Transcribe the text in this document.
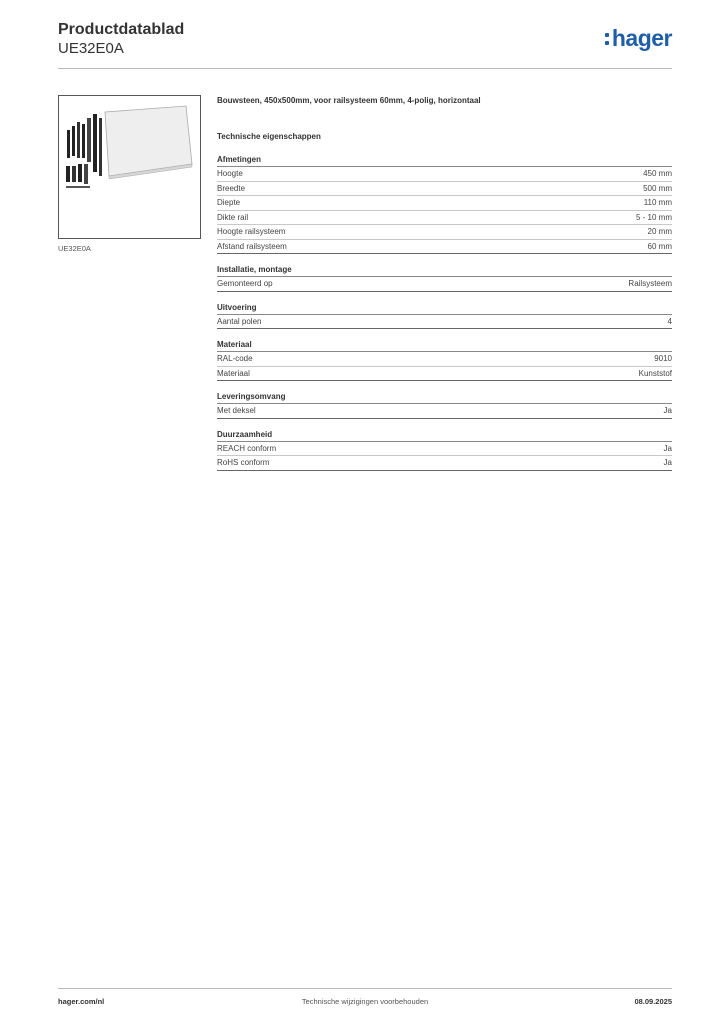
Productdatablad
UE32E0A	hager
UE32E0A
Bouwsteen, 450x500mm, voor railsysteem 60mm, 4-polig, horizontaal
Technische eigenschappen
Afmetingen
Hoogte	450 mm
Breedte	500 mm
Diepte	110 mm
Dikte rail	5 - 10 mm
Hoogte railsysteem	20 mm
Afstand railsysteem	60 mm
Installatie, montage
Gemonteerd op	Railsysteem
Uitvoering
Aantal polen	4
Materiaal
RAL-code	9010
Materiaal	Kunststof
Leveringsomvang
Met deksel	Ja
Duurzaamheid
REACH conform	Ja
RoHS conform	Ja
hager.com/nl	Technische wijzigingen voorbehouden	08.09.2025
